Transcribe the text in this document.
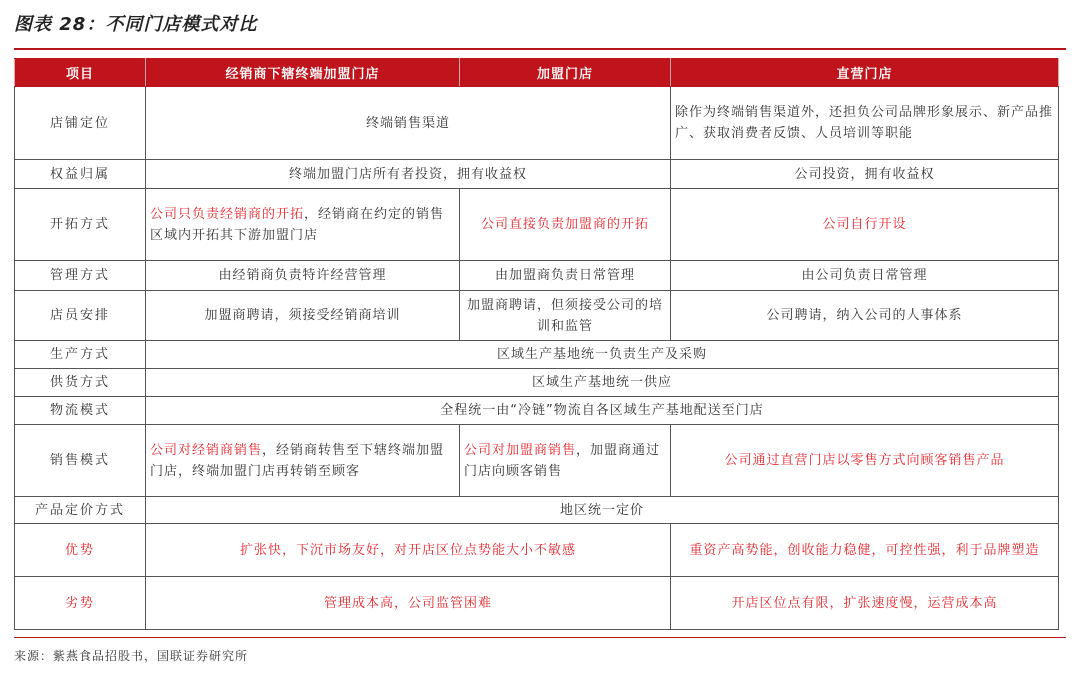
图表 28：不同门店模式对比
项目	经销商下辖终端加盟门店	加盟门店	直营门店
店铺定位	终端销售渠道		除作为终端销售渠道外，还担负公司品牌形象展示、新产品推广、获取消费者反馈、人员培训等职能
权益归属	终端加盟门店所有者投资，拥有收益权		公司投资，拥有收益权
开拓方式	公司只负责经销商的开拓，经销商在约定的销售区域内开拓其下游加盟门店	公司直接负责加盟商的开拓	公司自行开设
管理方式	由经销商负责特许经营管理	由加盟商负责日常管理	由公司负责日常管理
店员安排	加盟商聘请，须接受经销商培训	加盟商聘请，但须接受公司的培训和监管	公司聘请，纳入公司的人事体系
生产方式	区域生产基地统一负责生产及采购		
供货方式	区域生产基地统一供应		
物流模式	全程统一由“冷链”物流自各区域生产基地配送至门店		
销售模式	公司对经销商销售，经销商转售至下辖终端加盟门店，终端加盟门店再转销至顾客	公司对加盟商销售，加盟商通过门店向顾客销售	公司通过直营门店以零售方式向顾客销售产品
产品定价方式	地区统一定价		
优势	扩张快，下沉市场友好，对开店区位点势能大小不敏感		重资产高势能，创收能力稳健，可控性强，利于品牌塑造
劣势	管理成本高，公司监管困难		开店区位点有限，扩张速度慢，运营成本高
来源：紫燕食品招股书，国联证券研究所
